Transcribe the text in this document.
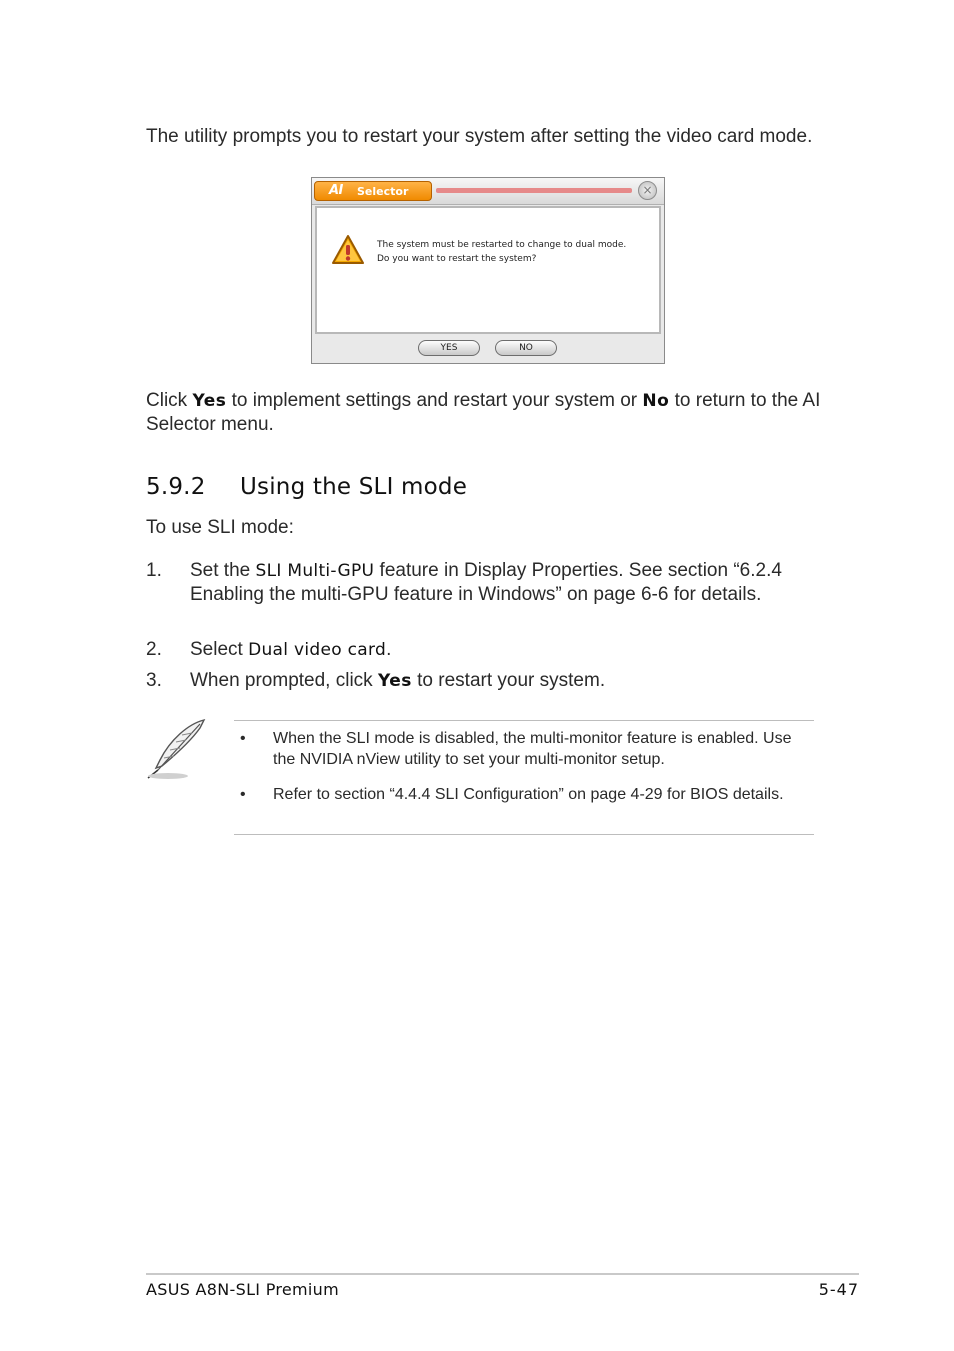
The utility prompts you to restart your system after setting the video card mode.
AI Selector	×
The system must be restarted to change to dual mode.
Do you want to restart the system?
YES	NO
Click Yes to implement settings and restart your system or No to return to the AI Selector menu.
5.9.2 Using the SLI mode
To use SLI mode:
1.	Set the SLI Multi-GPU feature in Display Properties. See section “6.2.4 Enabling the multi-GPU feature in Windows” on page 6-6 for details.
2.	Select Dual video card.
3.	When prompted, click Yes to restart your system.
• When the SLI mode is disabled, the multi-monitor feature is enabled. Use the NVIDIA nView utility to set your multi-monitor setup.
• Refer to section “4.4.4 SLI Configuration” on page 4-29 for BIOS details.
ASUS A8N-SLI Premium	5-47
